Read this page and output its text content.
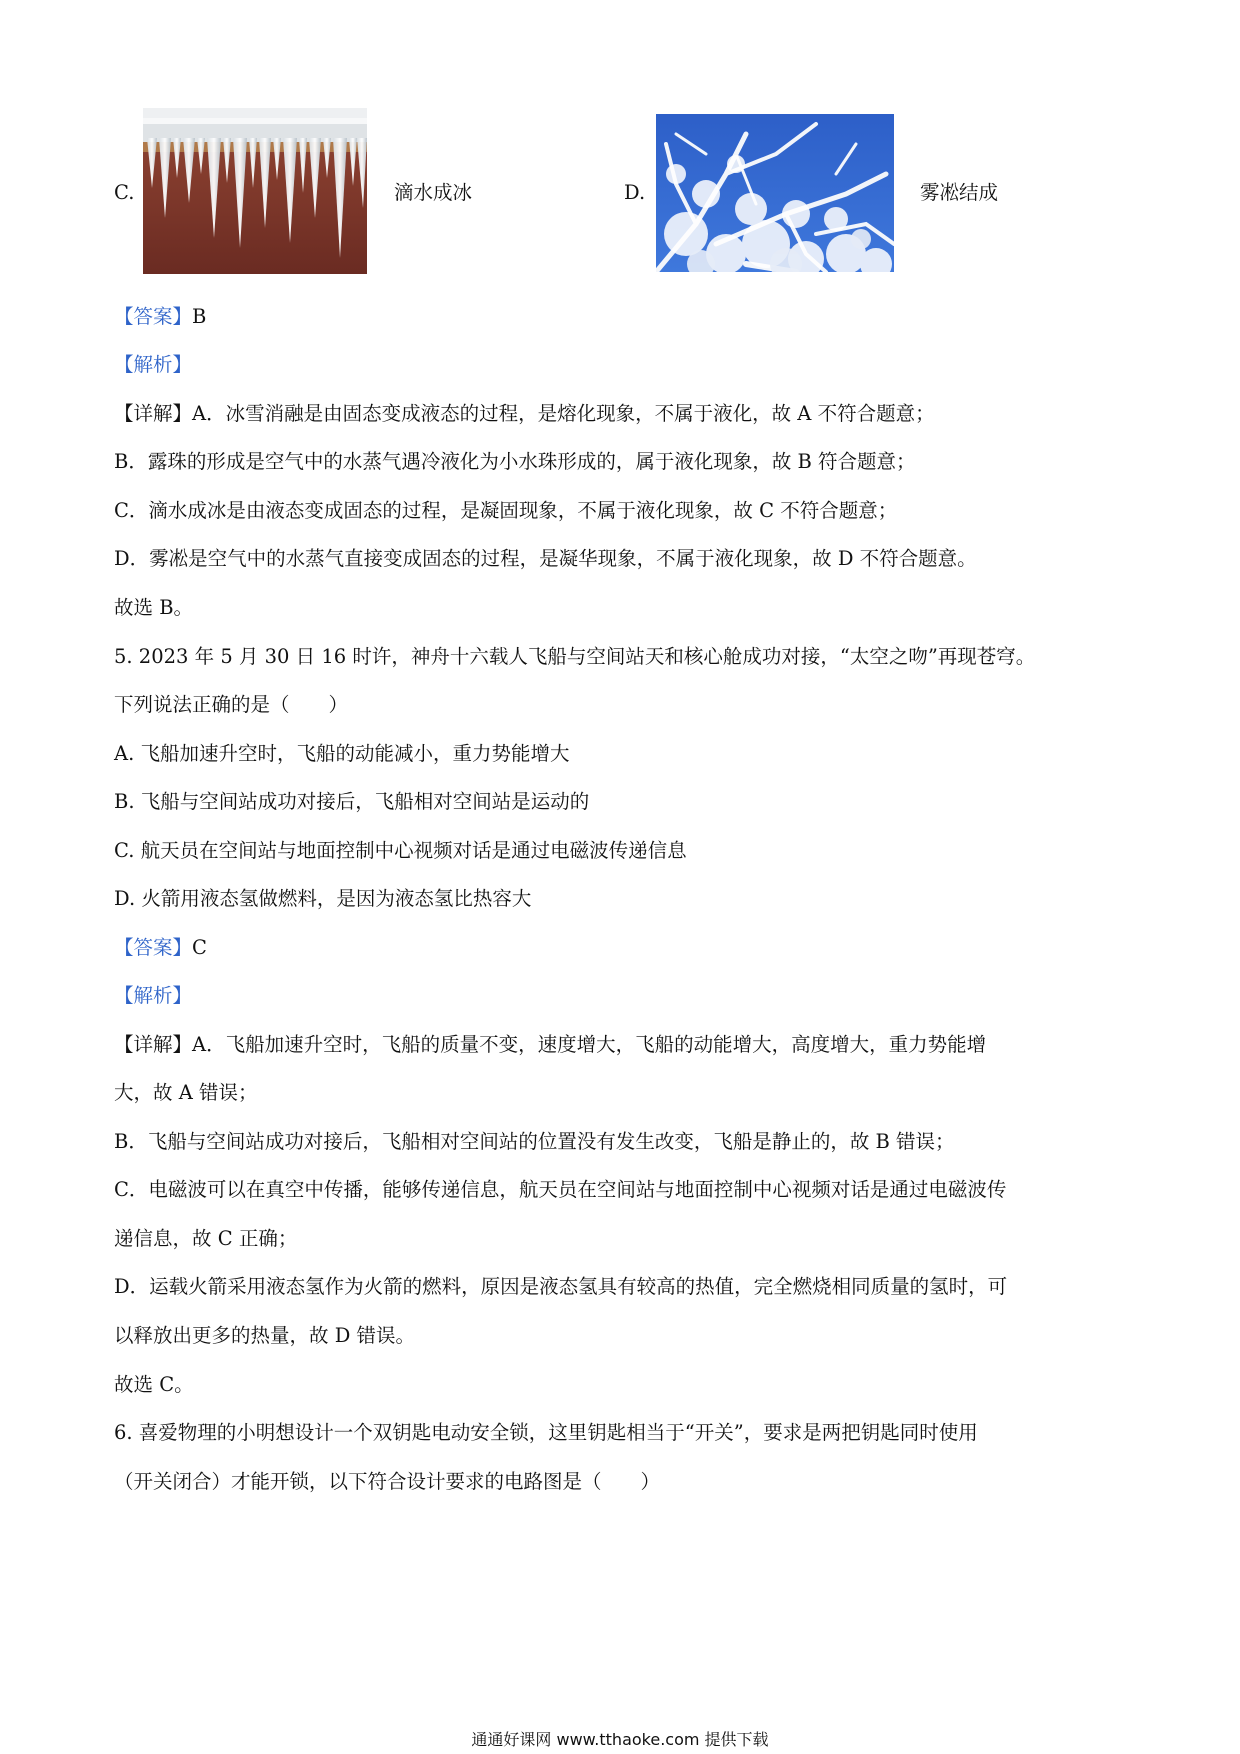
C.	滴水成冰	D.	雾凇结成
【答案】B
【解析】
【详解】A．冰雪消融是由固态变成液态的过程，是熔化现象，不属于液化，故 A 不符合题意；
B．露珠的形成是空气中的水蒸气遇冷液化为小水珠形成的，属于液化现象，故 B 符合题意；
C．滴水成冰是由液态变成固态的过程，是凝固现象，不属于液化现象，故 C 不符合题意；
D．雾凇是空气中的水蒸气直接变成固态的过程，是凝华现象，不属于液化现象，故 D 不符合题意。
故选 B。
5. 2023 年 5 月 30 日 16 时许，神舟十六载人飞船与空间站天和核心舱成功对接，“太空之吻”再现苍穹。
下列说法正确的是（　　）
A. 飞船加速升空时，飞船的动能减小，重力势能增大
B. 飞船与空间站成功对接后，飞船相对空间站是运动的
C. 航天员在空间站与地面控制中心视频对话是通过电磁波传递信息
D. 火箭用液态氢做燃料，是因为液态氢比热容大
【答案】C
【解析】
【详解】A．飞船加速升空时，飞船的质量不变，速度增大，飞船的动能增大，高度增大，重力势能增
大，故 A 错误；
B．飞船与空间站成功对接后，飞船相对空间站的位置没有发生改变，飞船是静止的，故 B 错误；
C．电磁波可以在真空中传播，能够传递信息，航天员在空间站与地面控制中心视频对话是通过电磁波传
递信息，故 C 正确；
D．运载火箭采用液态氢作为火箭的燃料，原因是液态氢具有较高的热值，完全燃烧相同质量的氢时，可
以释放出更多的热量，故 D 错误。
故选 C。
6. 喜爱物理的小明想设计一个双钥匙电动安全锁，这里钥匙相当于“开关”，要求是两把钥匙同时使用
（开关闭合）才能开锁，以下符合设计要求的电路图是（　　）
通通好课网 www.tthaoke.com 提供下载
